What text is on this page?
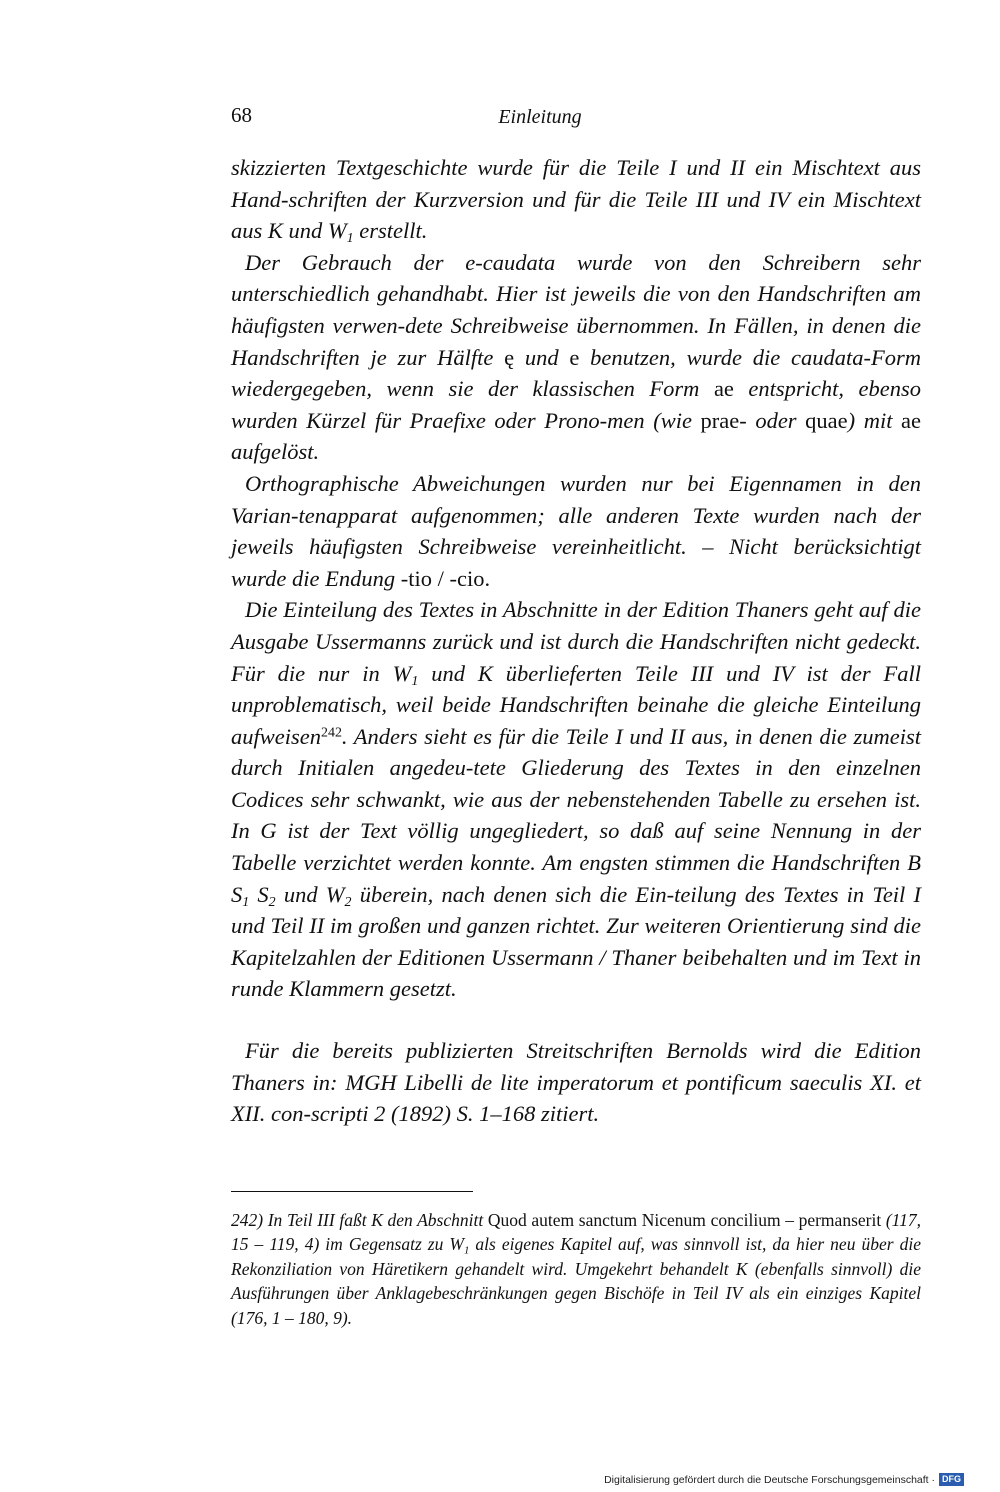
68	Einleitung

skizzierten Textgeschichte wurde für die Teile I und II ein Mischtext aus Hand-schriften der Kurzversion und für die Teile III und IV ein Mischtext aus K und $W_1$ erstellt.

Der Gebrauch der e-caudata wurde von den Schreibern sehr unterschiedlich gehandhabt. Hier ist jeweils die von den Handschriften am häufigsten verwen-dete Schreibweise übernommen. In Fällen, in denen die Handschriften je zur Hälfte ę und e benutzen, wurde die caudata-Form wiedergegeben, wenn sie der klassischen Form ae entspricht, ebenso wurden Kürzel für Praefixe oder Prono-men (wie prae- oder quae) mit ae aufgelöst.

Orthographische Abweichungen wurden nur bei Eigennamen in den Varian-tenapparat aufgenommen; alle anderen Texte wurden nach der jeweils häufigsten Schreibweise vereinheitlicht. – Nicht berücksichtigt wurde die Endung -tio / -cio.

Die Einteilung des Textes in Abschnitte in der Edition Thaners geht auf die Ausgabe Ussermanns zurück und ist durch die Handschriften nicht gedeckt. Für die nur in $W_1$ und K überlieferten Teile III und IV ist der Fall unproblematisch, weil beide Handschriften beinahe die gleiche Einteilung aufweisen$^{242}$. Anders sieht es für die Teile I und II aus, in denen die zumeist durch Initialen angedeu-tete Gliederung des Textes in den einzelnen Codices sehr schwankt, wie aus der nebenstehenden Tabelle zu ersehen ist. In G ist der Text völlig ungegliedert, so daß auf seine Nennung in der Tabelle verzichtet werden konnte. Am engsten stimmen die Handschriften B $S_1$ $S_2$ und $W_2$ überein, nach denen sich die Ein-teilung des Textes in Teil I und Teil II im großen und ganzen richtet. Zur weiteren Orientierung sind die Kapitelzahlen der Editionen Ussermann / Thaner beibehalten und im Text in runde Klammern gesetzt.

Für die bereits publizierten Streitschriften Bernolds wird die Edition Thaners in: MGH Libelli de lite imperatorum et pontificum saeculis XI. et XII. con-scripti 2 (1892) S. 1–168 zitiert.

242) In Teil III faßt K den Abschnitt Quod autem sanctum Nicenum concilium – permanserit (117, 15 – 119, 4) im Gegensatz zu $W_1$ als eigenes Kapitel auf, was sinnvoll ist, da hier neu über die Rekonziliation von Häretikern gehandelt wird. Umgekehrt behandelt K (ebenfalls sinnvoll) die Ausführungen über Anklagebeschränkungen gegen Bischöfe in Teil IV als ein einziges Kapitel (176, 1 – 180, 9).

Digitalisierung gefördert durch die Deutsche Forschungsgemeinschaft · DFG
